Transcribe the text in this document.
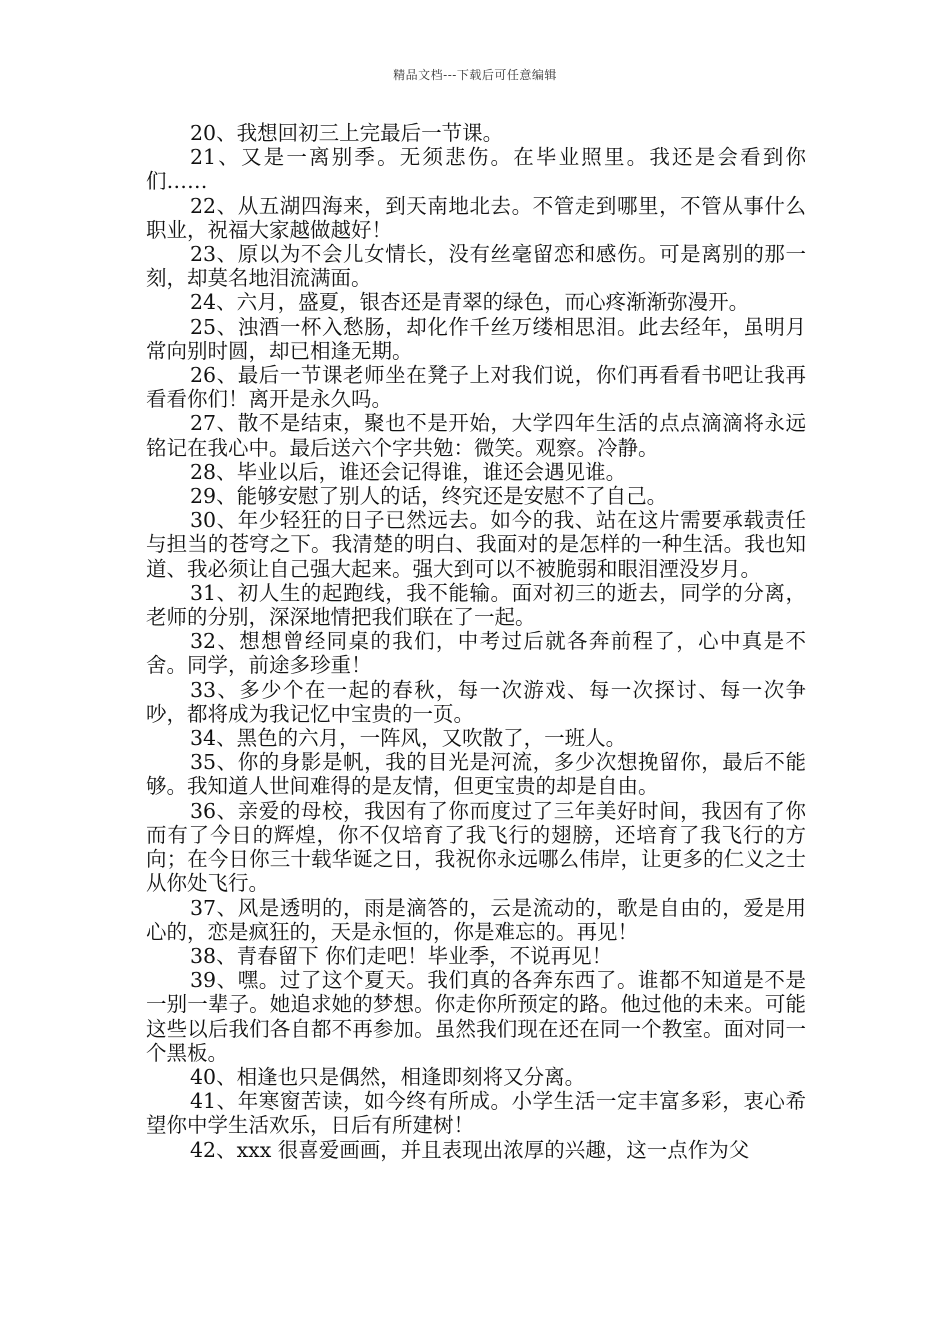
精品文档---下载后可任意编辑

20、我想回初三上完最后一节课。

21、又是一离别季。无须悲伤。在毕业照里。我还是会看到你们……

22、从五湖四海来，到天南地北去。不管走到哪里，不管从事什么职业，祝福大家越做越好！

23、原以为不会儿女情长，没有丝毫留恋和感伤。可是离别的那一刻，却莫名地泪流满面。

24、六月，盛夏，银杏还是青翠的绿色，而心疼渐渐弥漫开。

25、浊酒一杯入愁肠，却化作千丝万缕相思泪。此去经年，虽明月常向别时圆，却已相逢无期。

26、最后一节课老师坐在凳子上对我们说，你们再看看书吧让我再看看你们！离开是永久吗。

27、散不是结束，聚也不是开始，大学四年生活的点点滴滴将永远铭记在我心中。最后送六个字共勉：微笑。观察。冷静。

28、毕业以后，谁还会记得谁，谁还会遇见谁。

29、能够安慰了别人的话，终究还是安慰不了自己。

30、年少轻狂的日子已然远去。如今的我、站在这片需要承载责任与担当的苍穹之下。我清楚的明白、我面对的是怎样的一种生活。我也知道、我必须让自己强大起来。强大到可以不被脆弱和眼泪湮没岁月。

31、初人生的起跑线，我不能输。面对初三的逝去，同学的分离，老师的分别，深深地情把我们联在了一起。

32、想想曾经同桌的我们，中考过后就各奔前程了，心中真是不舍。同学，前途多珍重！

33、多少个在一起的春秋，每一次游戏、每一次探讨、每一次争吵，都将成为我记忆中宝贵的一页。

34、黑色的六月，一阵风，又吹散了，一班人。

35、你的身影是帆，我的目光是河流，多少次想挽留你，最后不能够。我知道人世间难得的是友情，但更宝贵的却是自由。

36、亲爱的母校，我因有了你而度过了三年美好时间，我因有了你而有了今日的辉煌，你不仅培育了我飞行的翅膀，还培育了我飞行的方向；在今日你三十载华诞之日，我祝你永远哪么伟岸，让更多的仁义之士从你处飞行。

37、风是透明的，雨是滴答的，云是流动的，歌是自由的，爱是用心的，恋是疯狂的，天是永恒的，你是难忘的。再见！

38、青春留下 你们走吧！毕业季，不说再见！

39、嘿。过了这个夏天。我们真的各奔东西了。谁都不知道是不是一别一辈子。她追求她的梦想。你走你所预定的路。他过他的未来。可能这些以后我们各自都不再参加。虽然我们现在还在同一个教室。面对同一个黑板。

40、相逢也只是偶然，相逢即刻将又分离。

41、年寒窗苦读，如今终有所成。小学生活一定丰富多彩，衷心希望你中学生活欢乐，日后有所建树！

42、xxx 很喜爱画画，并且表现出浓厚的兴趣，这一点作为父
